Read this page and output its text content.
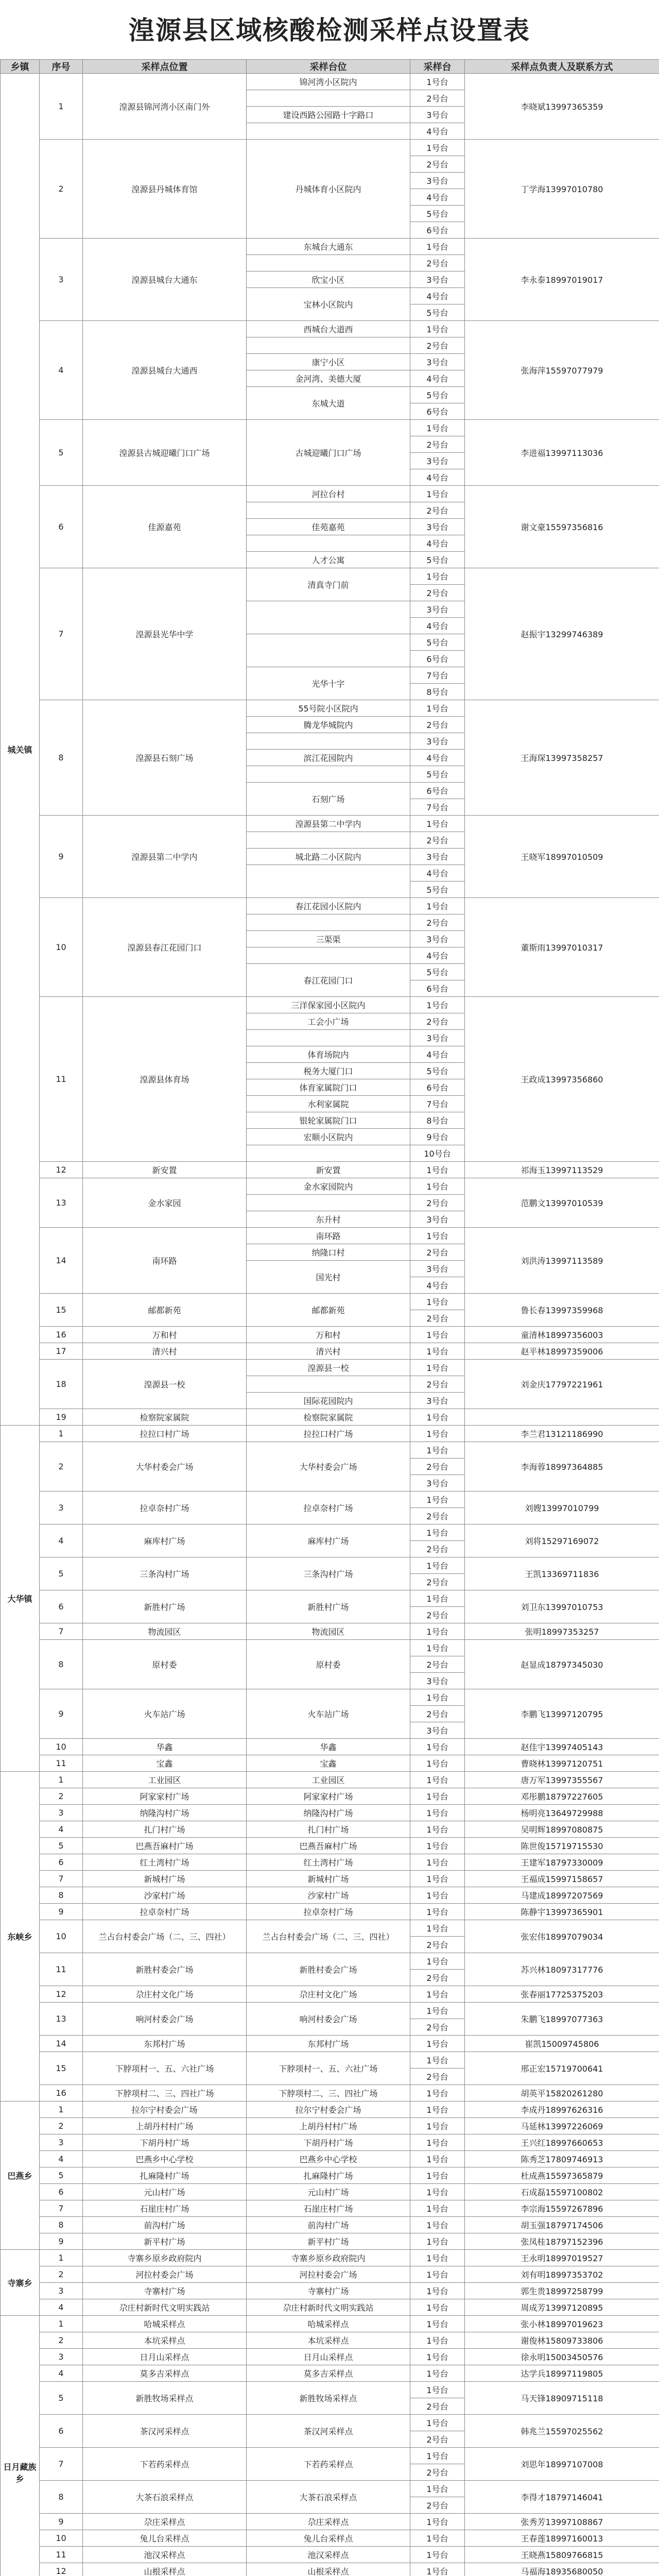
湟源县区域核酸检测采样点设置表
乡镇	序号	采样点位置	采样台位	采样台	采样点负责人及联系方式
城关镇	1	湟源县锦河湾小区南门外	锦河湾小区院内	1号台	李晓斌13997365359
				2号台	
			建设西路公园路十字路口	3号台	
				4号台	
	2	湟源县丹城体育馆	丹城体育小区院内	1号台	丁学海13997010780
				2号台	
				3号台	
				4号台	
				5号台	
				6号台	
	3	湟源县城台大通东	东城台大通东	1号台	李永泰18997019017
				2号台	
			欣宝小区	3号台	
			宝林小区院内	4号台	
				5号台	
	4	湟源县城台大通西	西城台大道西	1号台	张海萍15597077979
				2号台	
			康宁小区	3号台	
			金河湾、美德大厦	4号台	
			东城大道	5号台	
				6号台	
	5	湟源县古城迎曦门口广场	古城迎曦门口广场	1号台	李进福13997113036
				2号台	
				3号台	
				4号台	
	6	佳源嘉苑	河拉台村	1号台	谢文豪15597356816
				2号台	
			佳苑嘉苑	3号台	
				4号台	
			人才公寓	5号台	
	7	湟源县光华中学	清真寺门前	1号台	赵振宇13299746389
				2号台	
				3号台	
				4号台	
				5号台	
				6号台	
			光华十字	7号台	
				8号台	
	8	湟源县石刻广场	55号院小区院内	1号台	王海琛13997358257
			腾龙华城院内	2号台	
				3号台	
			滨江花园院内	4号台	
				5号台	
			石刻广场	6号台	
				7号台	
	9	湟源县第二中学内	湟源县第二中学内	1号台	王晓军18997010509
				2号台	
			城北路二小区院内	3号台	
				4号台	
				5号台	
	10	湟源县春江花园门口	春江花园小区院内	1号台	董斯雨13997010317
				2号台	
			三渠渠	3号台	
				4号台	
			春江花园门口	5号台	
				6号台	
	11	湟源县体育场	三洋保家园小区院内	1号台	王政成13997356860
			工会小广场	2号台	
				3号台	
			体育场院内	4号台	
			税务大厦门口	5号台	
			体育家属院门口	6号台	
			水利家属院	7号台	
			银轮家属院门口	8号台	
			宏顺小区院内	9号台	
				10号台	
	12	新安置	新安置	1号台	祁海玉13997113529
	13	金水家园	金水家园院内	1号台	范鹏文13997010539
				2号台	
			东升村	3号台	
	14	南环路	南环路	1号台	刘洪涛13997113589
			纳隆口村	2号台	
			国光村	3号台	
				4号台	
	15	邮都新苑	邮都新苑	1号台	鲁长春13997359968
				2号台	
	16	万和村	万和村	1号台	童清林18997356003
	17	清兴村	清兴村	1号台	赵平林18997359006
	18	湟源县一校	湟源县一校	1号台	刘金庆17797221961
				2号台	
			国际花园院内	3号台	
	19	检察院家属院	检察院家属院	1号台	
大华镇	1	拉拉口村广场	拉拉口村广场	1号台	李兰君13121186990
	2	大华村委会广场	大华村委会广场	1号台	李海蓉18997364885
				2号台	
				3号台	
	3	拉卓奈村广场	拉卓奈村广场	1号台	刘嫂13997010799
				2号台	
	4	麻库村广场	麻库村广场	1号台	刘将15297169072
				2号台	
	5	三条沟村广场	三条沟村广场	1号台	王凯13369711836
				2号台	
	6	新胜村广场	新胜村广场	1号台	刘卫东13997010753
				2号台	
	7	物流园区	物流园区	1号台	张明18997353257
	8	原村委	原村委	1号台	赵显成18797345030
				2号台	
				3号台	
	9	火车站广场	火车站广场	1号台	李鹏飞13997120795
				2号台	
				3号台	
	10	华鑫	华鑫	1号台	赵佳宇13997405143
	11	宝鑫	宝鑫	1号台	曹晓林13997120751
东峡乡	1	工业园区	工业园区	1号台	唐万军13997355567
	2	阿家家村广场	阿家家村广场	1号台	邓彤鹏18797227605
	3	纳隆沟村广场	纳隆沟村广场	1号台	杨明亮13649729988
	4	扎门村广场	扎门村广场	1号台	吴明辉18997080875
	5	巴燕吾麻村广场	巴燕吾麻村广场	1号台	陈世俊15719715530
	6	红土湾村广场	红土湾村广场	1号台	王建军18797330009
	7	新城村广场	新城村广场	1号台	王福成15997158657
	8	沙家村广场	沙家村广场	1号台	马建成18997207569
	9	拉卓奈村广场	拉卓奈村广场	1号台	陈静宇13997365901
	10	兰占台村委会广场（二、三、四社）	兰占台村委会广场（二、三、四社）	1号台	张宏伟18997079034
				2号台	
	11	新胜村委会广场	新胜村委会广场	1号台	苏兴林18097317776
				2号台	
	12	尕庄村文化广场	尕庄村文化广场	1号台	张春丽17725375203
	13	响河村委会广场	响河村委会广场	1号台	朱鹏飞18997077363
				2号台	
	14	东邦村广场	东邦村广场	1号台	崔凯15009745806
	15	下脖项村一、五、六社广场	下脖项村一、五、六社广场	1号台	邢正宏15719700641
				2号台	
	16	下脖项村二、三、四社广场	下脖项村二、三、四社广场	1号台	胡英平15820261280
巴燕乡	1	拉尔宁村委会广场	拉尔宁村委会广场	1号台	李成丹18997626316
	2	上胡丹村村广场	上胡丹村村广场	1号台	马延林13997226069
	3	下胡丹村广场	下胡丹村广场	1号台	王兴红18997660653
	4	巴燕乡中心学校	巴燕乡中心学校	1号台	陈秀芝17809746913
	5	扎麻隆村广场	扎麻隆村广场	1号台	杜成燕15597365879
	6	元山村广场	元山村广场	1号台	石成磊15597100802
	7	石崖庄村广场	石崖庄村广场	1号台	李宗海15597267896
	8	前沟村广场	前沟村广场	1号台	胡玉强18797174506
	9	新平村广场	新平村广场	1号台	张凤桂18797152396
寺寨乡	1	寺寨乡原乡政府院内	寺寨乡原乡政府院内	1号台	王永明18997019527
	2	河拉村委会广场	河拉村委会广场	1号台	刘有明18997353702
	3	寺寨村广场	寺寨村广场	1号台	郭生贵18997258799
	4	尕庄村新时代文明实践站	尕庄村新时代文明实践站	1号台	周成芳13997120895
日月藏族乡	1	哈城采样点	哈城采样点	1号台	张小林18997019623
	2	本坑采样点	本坑采样点	1号台	谢俊林15809733806
	3	日月山采样点	日月山采样点	1号台	徐永明15003450576
	4	莫多吉采样点	莫多吉采样点	1号台	达学兵18997119805
	5	新胜牧场采样点	新胜牧场采样点	1号台	马天锋18909715118
				2号台	
	6	茶汉河采样点	茶汉河采样点	1号台	韩兆兰15597025562
				2号台	
	7	下若药采样点	下若药采样点	1号台	刘思年18997107008
				2号台	
	8	大茶石浪采样点	大茶石浪采样点	1号台	李得才18797146041
				2号台	
	9	尕庄采样点	尕庄采样点	1号台	张秀芳13997108867
	10	兔儿台采样点	兔儿台采样点	1号台	王春莲18997160013
	11	池汉采样点	池汉采样点	1号台	王晓燕15809766815
	12	山根采样点	山根采样点	1号台	马福海18935680050
